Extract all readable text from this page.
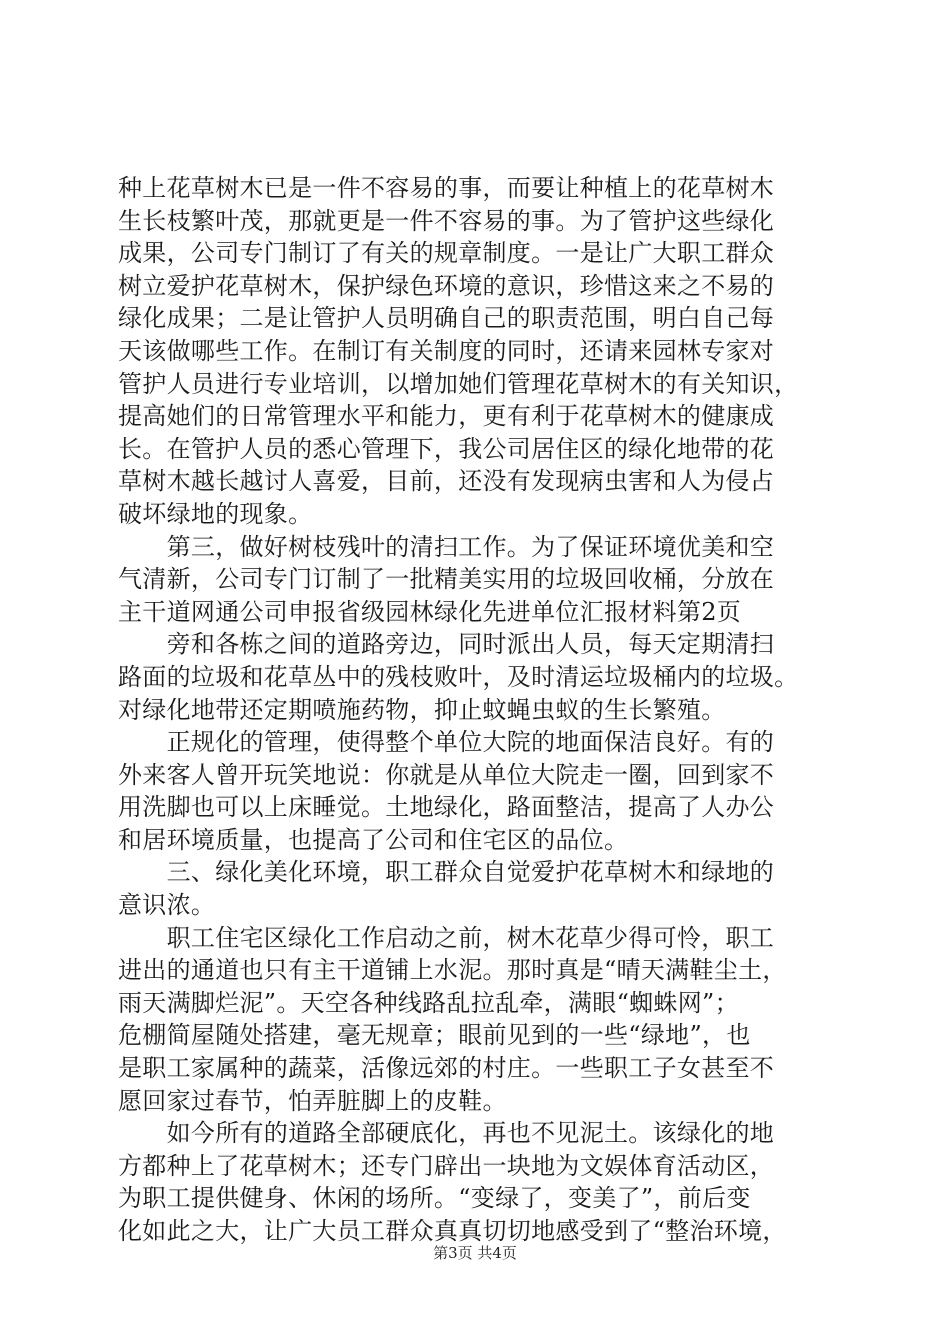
种上花草树木已是一件不容易的事，而要让种植上的花草树木
生长枝繁叶茂，那就更是一件不容易的事。为了管护这些绿化
成果，公司专门制订了有关的规章制度。一是让广大职工群众
树立爱护花草树木，保护绿色环境的意识，珍惜这来之不易的
绿化成果；二是让管护人员明确自己的职责范围，明白自己每
天该做哪些工作。在制订有关制度的同时，还请来园林专家对
管护人员进行专业培训，以增加她们管理花草树木的有关知识，
提高她们的日常管理水平和能力，更有利于花草树木的健康成
长。在管护人员的悉心管理下，我公司居住区的绿化地带的花
草树木越长越讨人喜爱，目前，还没有发现病虫害和人为侵占
破坏绿地的现象。
　　第三，做好树枝残叶的清扫工作。为了保证环境优美和空
气清新，公司专门订制了一批精美实用的垃圾回收桶，分放在
主干道网通公司申报省级园林绿化先进单位汇报材料第2页
　　旁和各栋之间的道路旁边，同时派出人员，每天定期清扫
路面的垃圾和花草丛中的残枝败叶，及时清运垃圾桶内的垃圾。
对绿化地带还定期喷施药物，抑止蚊蝇虫蚁的生长繁殖。
　　正规化的管理，使得整个单位大院的地面保洁良好。有的
外来客人曾开玩笑地说：你就是从单位大院走一圈，回到家不
用洗脚也可以上床睡觉。土地绿化，路面整洁，提高了人办公
和居环境质量，也提高了公司和住宅区的品位。
　　三、绿化美化环境，职工群众自觉爱护花草树木和绿地的
意识浓。
　　职工住宅区绿化工作启动之前，树木花草少得可怜，职工
进出的通道也只有主干道铺上水泥。那时真是“晴天满鞋尘土，
雨天满脚烂泥”。天空各种线路乱拉乱牵，满眼“蜘蛛网”；
危棚简屋随处搭建，毫无规章；眼前见到的一些“绿地”，也
是职工家属种的蔬菜，活像远郊的村庄。一些职工子女甚至不
愿回家过春节，怕弄脏脚上的皮鞋。
　　如今所有的道路全部硬底化，再也不见泥土。该绿化的地
方都种上了花草树木；还专门辟出一块地为文娱体育活动区，
为职工提供健身、休闲的场所。“变绿了，变美了”，前后变
化如此之大，让广大员工群众真真切切地感受到了“整治环境，
第3页 共4页
